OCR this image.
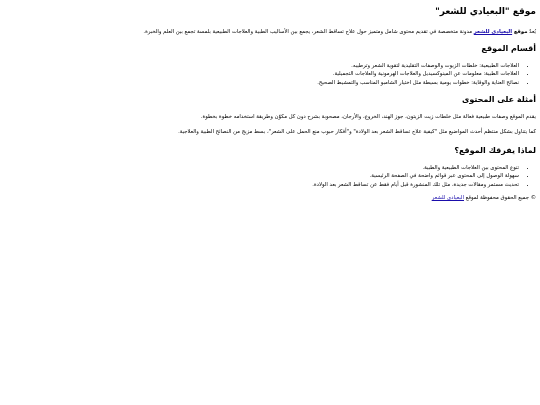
موقع "البعيادي للشعر"

يُعدّ موقع البعيادي للشعر مدونة متخصصة في تقديم محتوى شامل ومتميز حول علاج تساقط الشعر، يجمع بين الأساليب الطبية والعلاجات الطبيعية بلمسة تجمع بين العلم والخبرة.

أقسام الموقع
• العلاجات الطبيعية: خلطات الزيوت والوصفات التقليدية لتقوية الشعر وترطيبه.
• العلاجات الطبية: معلومات عن المينوكسيديل والعلاجات الهرمونية والعلاجات التجميلية.
• نصائح العناية والوقاية: خطوات يومية بسيطة مثل اختيار الشامبو المناسب والتمشيط الصحيح.
أمثلة على المحتوى

يقدم الموقع وصفات طبيعية فعالة مثل خلطات زيت الزيتون، جوز الهند، الخروع، والأرجان، مصحوبة بشرح دون كل مكوّن وطريقة استخدامه خطوة بخطوة.

كما يتناول بشكل منتظم أحدث المواضيع مثل "كيفية علاج تساقط الشعر بعد الولادة" و"أفكار حبوب منع الحمل على الشعر"، بسط مزيج من النصائح الطبية والعلاجية.

لماذا يفرقك الموقع؟
• تنوع المحتوى بين العلاجات الطبيعية والطبية.
• سهولة الوصول إلى المحتوى عبر قوائم واضحة في الصفحة الرئيسية.
• تحديث مستمر ومقالات جديدة، مثل تلك المنشورة قبل أيام فقط عن تساقط الشعر بعد الولادة.

© جميع الحقوق محفوظة لموقع البعيادي للشعر
